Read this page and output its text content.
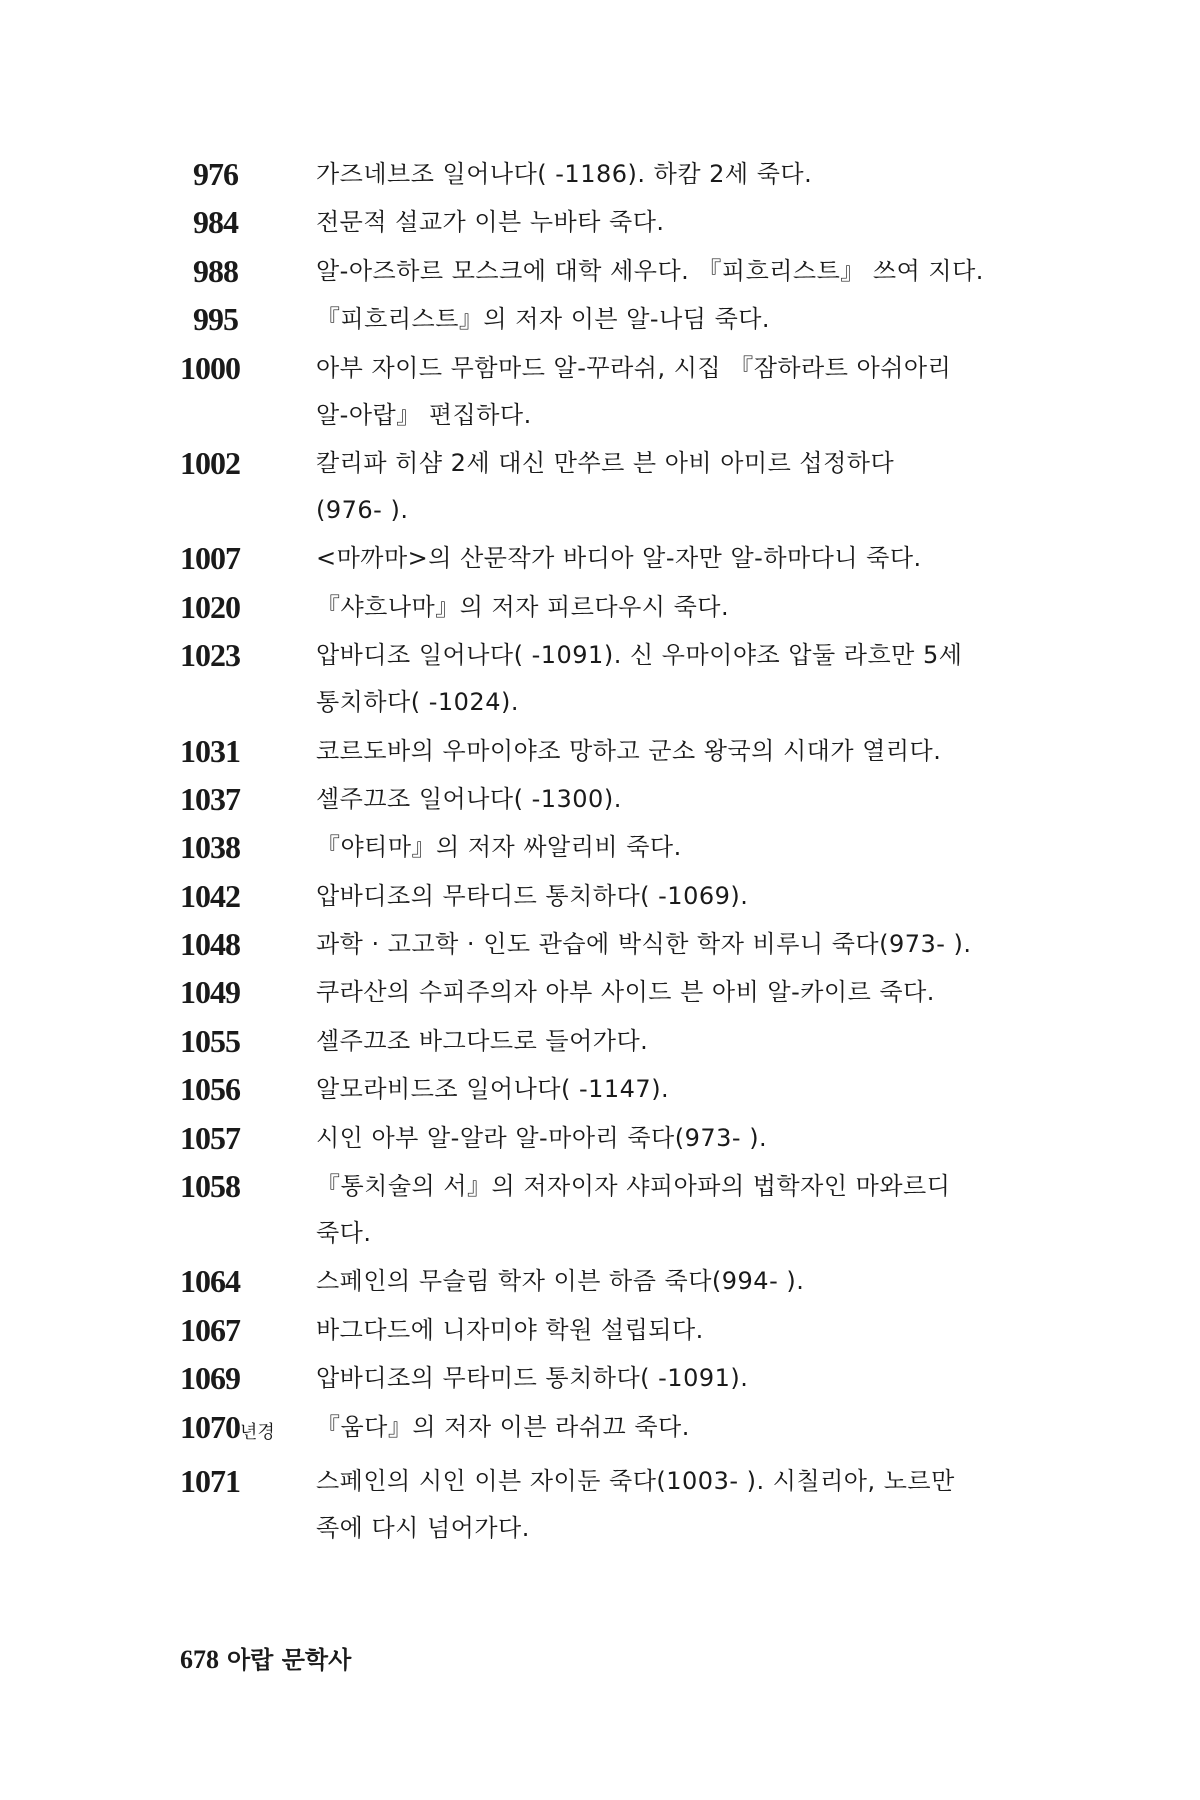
976	가즈네브조 일어나다( -1186). 하캄 2세 죽다.
984	전문적 설교가 이븐 누바타 죽다.
988	알-아즈하르 모스크에 대학 세우다. 『피흐리스트』 쓰여 지다.
995	『피흐리스트』의 저자 이븐 알-나딤 죽다.
1000	아부 자이드 무함마드 알-꾸라쉬, 시집 『잠하라트 아쉬아리
알-아랍』 편집하다.
1002	칼리파 히샴 2세 대신 만쑤르 븐 아비 아미르 섭정하다
(976- ).
1007	<마까마>의 산문작가 바디아 알-자만 알-하마다니 죽다.
1020	『샤흐나마』의 저자 피르다우시 죽다.
1023	압바디조 일어나다( -1091). 신 우마이야조 압둘 라흐만 5세
통치하다( -1024).
1031	코르도바의 우마이야조 망하고 군소 왕국의 시대가 열리다.
1037	셀주끄조 일어나다( -1300).
1038	『야티마』의 저자 싸알리비 죽다.
1042	압바디조의 무타디드 통치하다( -1069).
1048	과학 · 고고학 · 인도 관습에 박식한 학자 비루니 죽다(973- ).
1049	쿠라산의 수피주의자 아부 사이드 븐 아비 알-카이르 죽다.
1055	셀주끄조 바그다드로 들어가다.
1056	알모라비드조 일어나다( -1147).
1057	시인 아부 알-알라 알-마아리 죽다(973- ).
1058	『통치술의 서』의 저자이자 샤피아파의 법학자인 마와르디
죽다.
1064	스페인의 무슬림 학자 이븐 하즘 죽다(994- ).
1067	바그다드에 니자미야 학원 설립되다.
1069	압바디조의 무타미드 통치하다( -1091).
1070년경	『움다』의 저자 이븐 라쉬끄 죽다.
1071	스페인의 시인 이븐 자이둔 죽다(1003- ). 시칠리아, 노르만
족에 다시 넘어가다.
678 아랍 문학사
